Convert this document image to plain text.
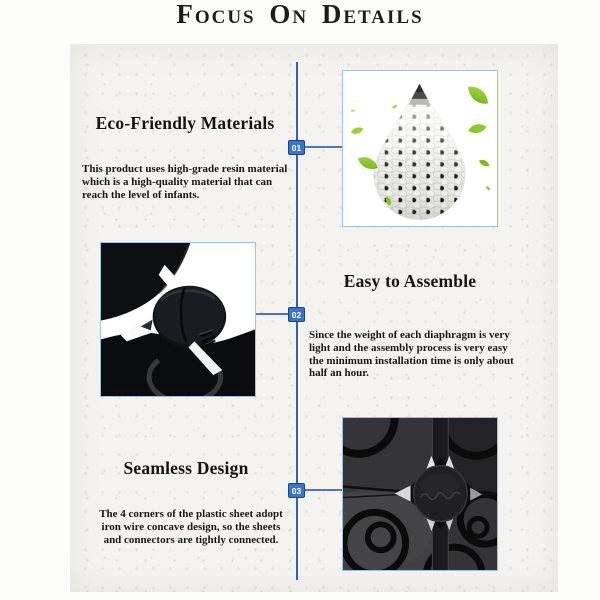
Focus On Details
01
02
03
Eco-Friendly Materials
This product uses high-grade resin material
which is a high-quality material that can
reach the level of infants.
Easy to Assemble
Since the weight of each diaphragm is very
light and the assembly process is very easy
the minimum installation time is only about
half an hour.
Seamless Design
The 4 corners of the plastic sheet adopt
iron wire concave design, so the sheets
and connectors are tightly connected.
